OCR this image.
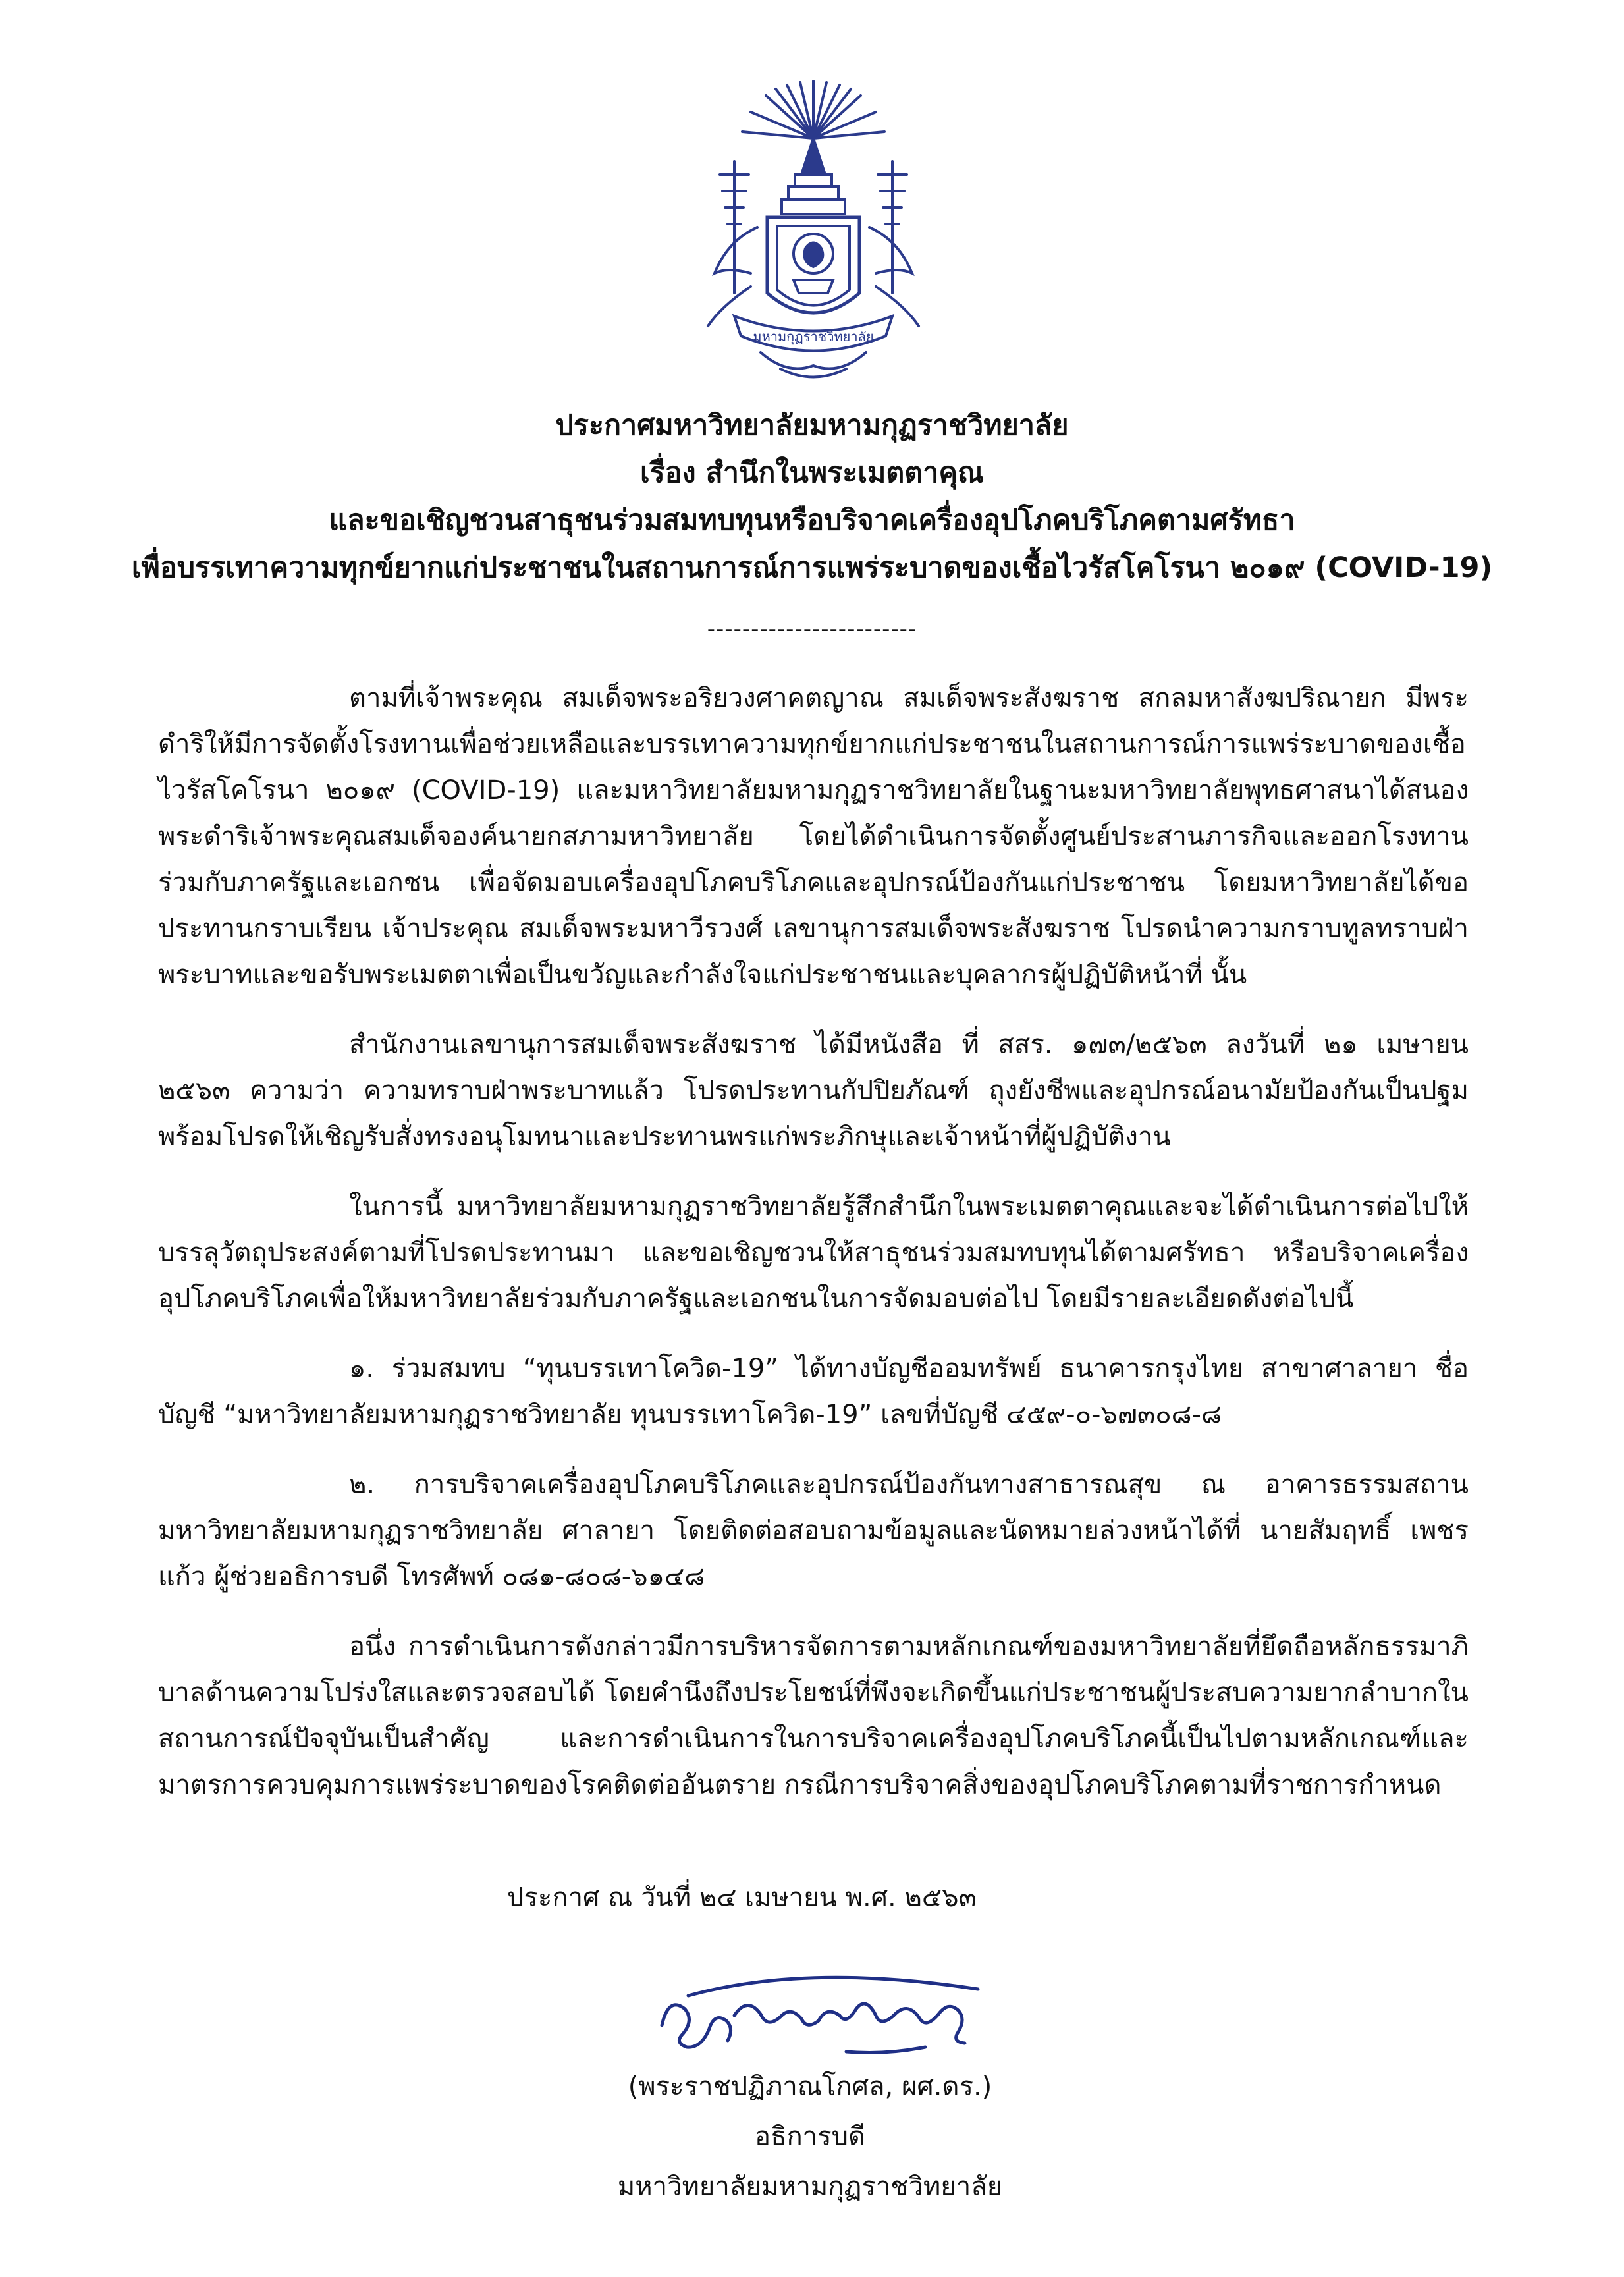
มหามกุฏราชวิทยาลัย
ประกาศมหาวิทยาลัยมหามกุฏราชวิทยาลัย
เรื่อง สำนึกในพระเมตตาคุณ
และขอเชิญชวนสาธุชนร่วมสมทบทุนหรือบริจาคเครื่องอุปโภคบริโภคตามศรัทธา
เพื่อบรรเทาความทุกข์ยากแก่ประชาชนในสถานการณ์การแพร่ระบาดของเชื้อไวรัสโคโรนา ๒๐๑๙ (COVID-19)
------------------------

ตามที่เจ้าพระคุณ สมเด็จพระอริยวงศาคตญาณ สมเด็จพระสังฆราช สกลมหาสังฆปริณายก มีพระดำริให้มีการจัดตั้งโรงทานเพื่อช่วยเหลือและบรรเทาความทุกข์ยากแก่ประชาชนในสถานการณ์การแพร่ระบาดของเชื้อไวรัสโคโรนา ๒๐๑๙ (COVID-19) และมหาวิทยาลัยมหามกุฏราชวิทยาลัยในฐานะมหาวิทยาลัยพุทธศาสนาได้สนองพระดำริเจ้าพระคุณสมเด็จองค์นายกสภามหาวิทยาลัย โดยได้ดำเนินการจัดตั้งศูนย์ประสานภารกิจและออกโรงทานร่วมกับภาครัฐและเอกชน เพื่อจัดมอบเครื่องอุปโภคบริโภคและอุปกรณ์ป้องกันแก่ประชาชน โดยมหาวิทยาลัยได้ขอประทานกราบเรียน เจ้าประคุณ สมเด็จพระมหาวีรวงศ์ เลขานุการสมเด็จพระสังฆราช โปรดนำความกราบทูลทราบฝ่าพระบาทและขอรับพระเมตตาเพื่อเป็นขวัญและกำลังใจแก่ประชาชนและบุคลากรผู้ปฏิบัติหน้าที่ นั้น

สำนักงานเลขานุการสมเด็จพระสังฆราช ได้มีหนังสือ ที่ สสร. ๑๗๓/๒๕๖๓ ลงวันที่ ๒๑ เมษายน ๒๕๖๓ ความว่า ความทราบฝ่าพระบาทแล้ว โปรดประทานกัปปิยภัณฑ์ ถุงยังชีพและอุปกรณ์อนามัยป้องกันเป็นปฐม พร้อมโปรดให้เชิญรับสั่งทรงอนุโมทนาและประทานพรแก่พระภิกษุและเจ้าหน้าที่ผู้ปฏิบัติงาน

ในการนี้ มหาวิทยาลัยมหามกุฏราชวิทยาลัยรู้สึกสำนึกในพระเมตตาคุณและจะได้ดำเนินการต่อไปให้บรรลุวัตถุประสงค์ตามที่โปรดประทานมา และขอเชิญชวนให้สาธุชนร่วมสมทบทุนได้ตามศรัทธา หรือบริจาคเครื่องอุปโภคบริโภคเพื่อให้มหาวิทยาลัยร่วมกับภาครัฐและเอกชนในการจัดมอบต่อไป โดยมีรายละเอียดดังต่อไปนี้

๑. ร่วมสมทบ “ทุนบรรเทาโควิด-19” ได้ทางบัญชีออมทรัพย์ ธนาคารกรุงไทย สาขาศาลายา ชื่อบัญชี “มหาวิทยาลัยมหามกุฏราชวิทยาลัย ทุนบรรเทาโควิด-19” เลขที่บัญชี ๔๕๙-๐-๖๗๓๐๘-๘

๒. การบริจาคเครื่องอุปโภคบริโภคและอุปกรณ์ป้องกันทางสาธารณสุข ณ อาคารธรรมสถาน มหาวิทยาลัยมหามกุฏราชวิทยาลัย ศาลายา โดยติดต่อสอบถามข้อมูลและนัดหมายล่วงหน้าได้ที่ นายสัมฤทธิ์ เพชรแก้ว ผู้ช่วยอธิการบดี โทรศัพท์ ๐๘๑-๘๐๘-๖๑๔๘

อนึ่ง การดำเนินการดังกล่าวมีการบริหารจัดการตามหลักเกณฑ์ของมหาวิทยาลัยที่ยึดถือหลักธรรมาภิบาลด้านความโปร่งใสและตรวจสอบได้ โดยคำนึงถึงประโยชน์ที่พึงจะเกิดขึ้นแก่ประชาชนผู้ประสบความยากลำบากในสถานการณ์ปัจจุบันเป็นสำคัญ และการดำเนินการในการบริจาคเครื่องอุปโภคบริโภคนี้เป็นไปตามหลักเกณฑ์และมาตรการควบคุมการแพร่ระบาดของโรคติดต่ออันตราย กรณีการบริจาคสิ่งของอุปโภคบริโภคตามที่ราชการกำหนด

ประกาศ ณ วันที่ ๒๔ เมษายน พ.ศ. ๒๕๖๓
(พระราชปฏิภาณโกศล, ผศ.ดร.)
อธิการบดี
มหาวิทยาลัยมหามกุฏราชวิทยาลัย
